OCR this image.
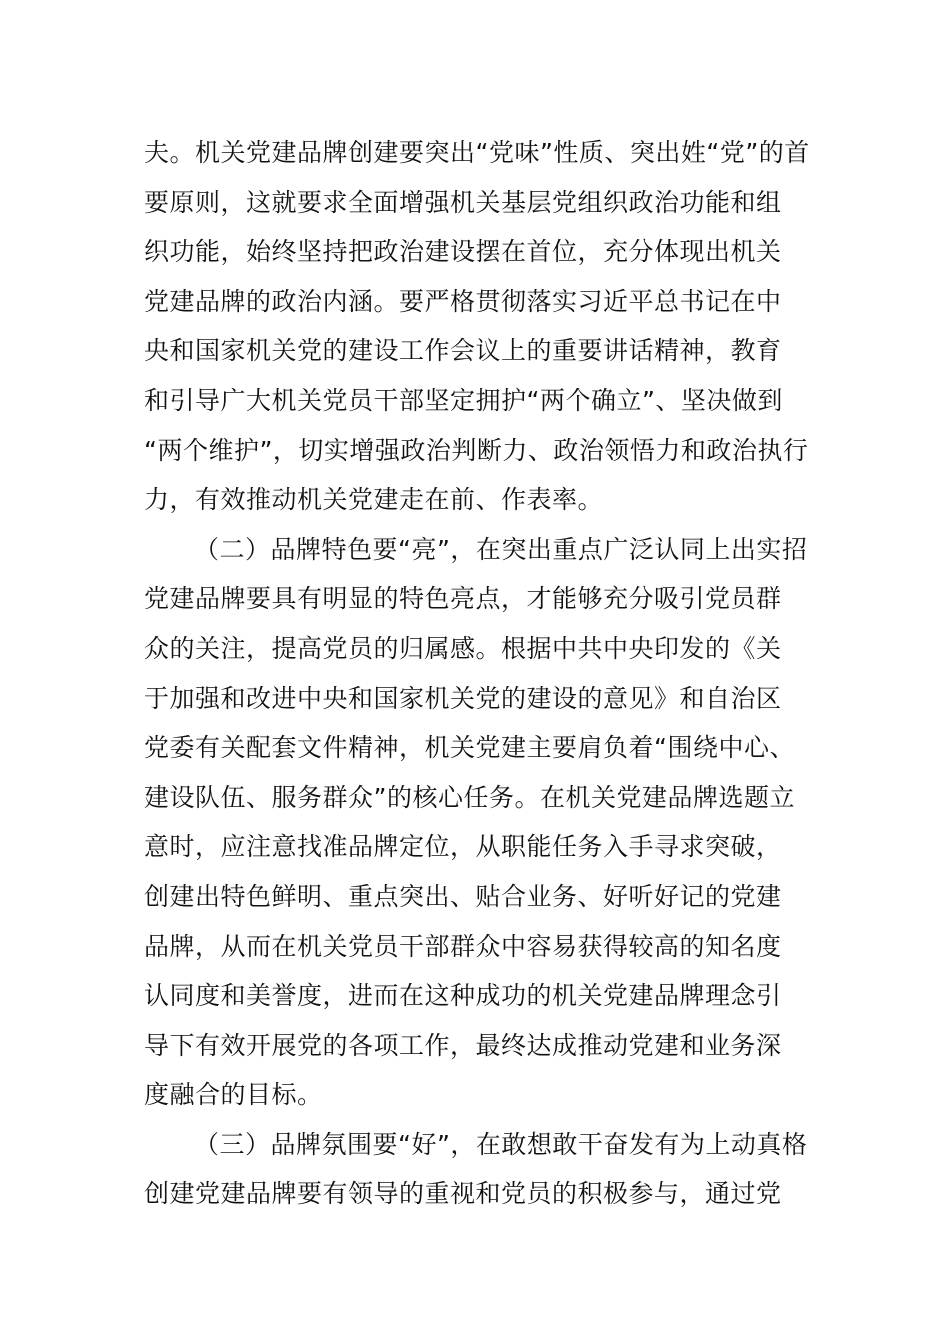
夫。机关党建品牌创建要突出“党味”性质、突出姓“党”的首
要原则，这就要求全面增强机关基层党组织政治功能和组
织功能，始终坚持把政治建设摆在首位，充分体现出机关
党建品牌的政治内涵。要严格贯彻落实习近平总书记在中
央和国家机关党的建设工作会议上的重要讲话精神，教育
和引导广大机关党员干部坚定拥护“两个确立”、坚决做到
“两个维护”，切实增强政治判断力、政治领悟力和政治执行
力，有效推动机关党建走在前、作表率。
（二）品牌特色要“亮”，在突出重点广泛认同上出实招
党建品牌要具有明显的特色亮点，才能够充分吸引党员群
众的关注，提高党员的归属感。根据中共中央印发的《关
于加强和改进中央和国家机关党的建设的意见》和自治区
党委有关配套文件精神，机关党建主要肩负着“围绕中心、
建设队伍、服务群众”的核心任务。在机关党建品牌选题立
意时，应注意找准品牌定位，从职能任务入手寻求突破，
创建出特色鲜明、重点突出、贴合业务、好听好记的党建
品牌，从而在机关党员干部群众中容易获得较高的知名度
认同度和美誉度，进而在这种成功的机关党建品牌理念引
导下有效开展党的各项工作，最终达成推动党建和业务深
度融合的目标。
（三）品牌氛围要“好”，在敢想敢干奋发有为上动真格
创建党建品牌要有领导的重视和党员的积极参与，通过党
